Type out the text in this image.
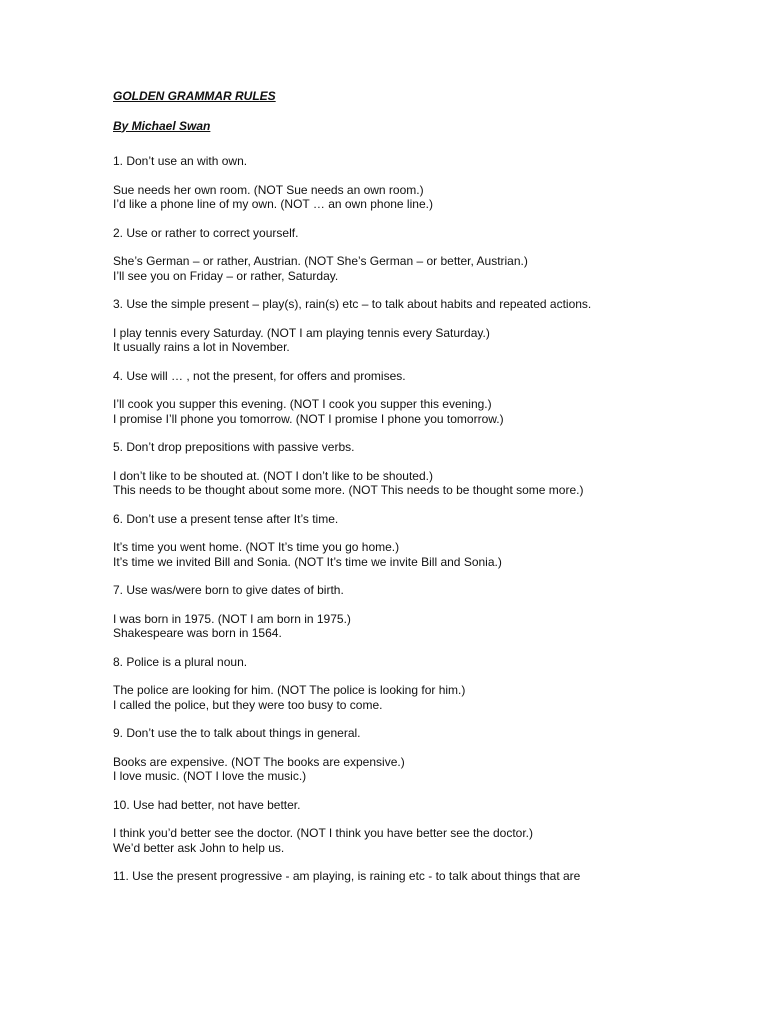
GOLDEN GRAMMAR RULES
By Michael Swan
1. Don’t use an with own.
Sue needs her own room. (NOT Sue needs an own room.)
I’d like a phone line of my own. (NOT … an own phone line.)
2. Use or rather to correct yourself.
She’s German – or rather, Austrian. (NOT She’s German – or better, Austrian.)
I’ll see you on Friday – or rather, Saturday.
3. Use the simple present – play(s), rain(s) etc – to talk about habits and repeated actions.
I play tennis every Saturday. (NOT I am playing tennis every Saturday.)
It usually rains a lot in November.
4. Use will … , not the present, for offers and promises.
I’ll cook you supper this evening. (NOT I cook you supper this evening.)
I promise I’ll phone you tomorrow. (NOT I promise I phone you tomorrow.)
5. Don’t drop prepositions with passive verbs.
I don’t like to be shouted at. (NOT I don’t like to be shouted.)
This needs to be thought about some more. (NOT This needs to be thought some more.)
6. Don’t use a present tense after It’s time.
It’s time you went home. (NOT It’s time you go home.)
It’s time we invited Bill and Sonia. (NOT It’s time we invite Bill and Sonia.)
7. Use was/were born to give dates of birth.
I was born in 1975. (NOT I am born in 1975.)
Shakespeare was born in 1564.
8. Police is a plural noun.
The police are looking for him. (NOT The police is looking for him.)
I called the police, but they were too busy to come.
9. Don’t use the to talk about things in general.
Books are expensive. (NOT The books are expensive.)
I love music. (NOT I love the music.)
10. Use had better, not have better.
I think you’d better see the doctor. (NOT I think you have better see the doctor.)
We’d better ask John to help us.
11. Use the present progressive - am playing, is raining etc - to talk about things that are
